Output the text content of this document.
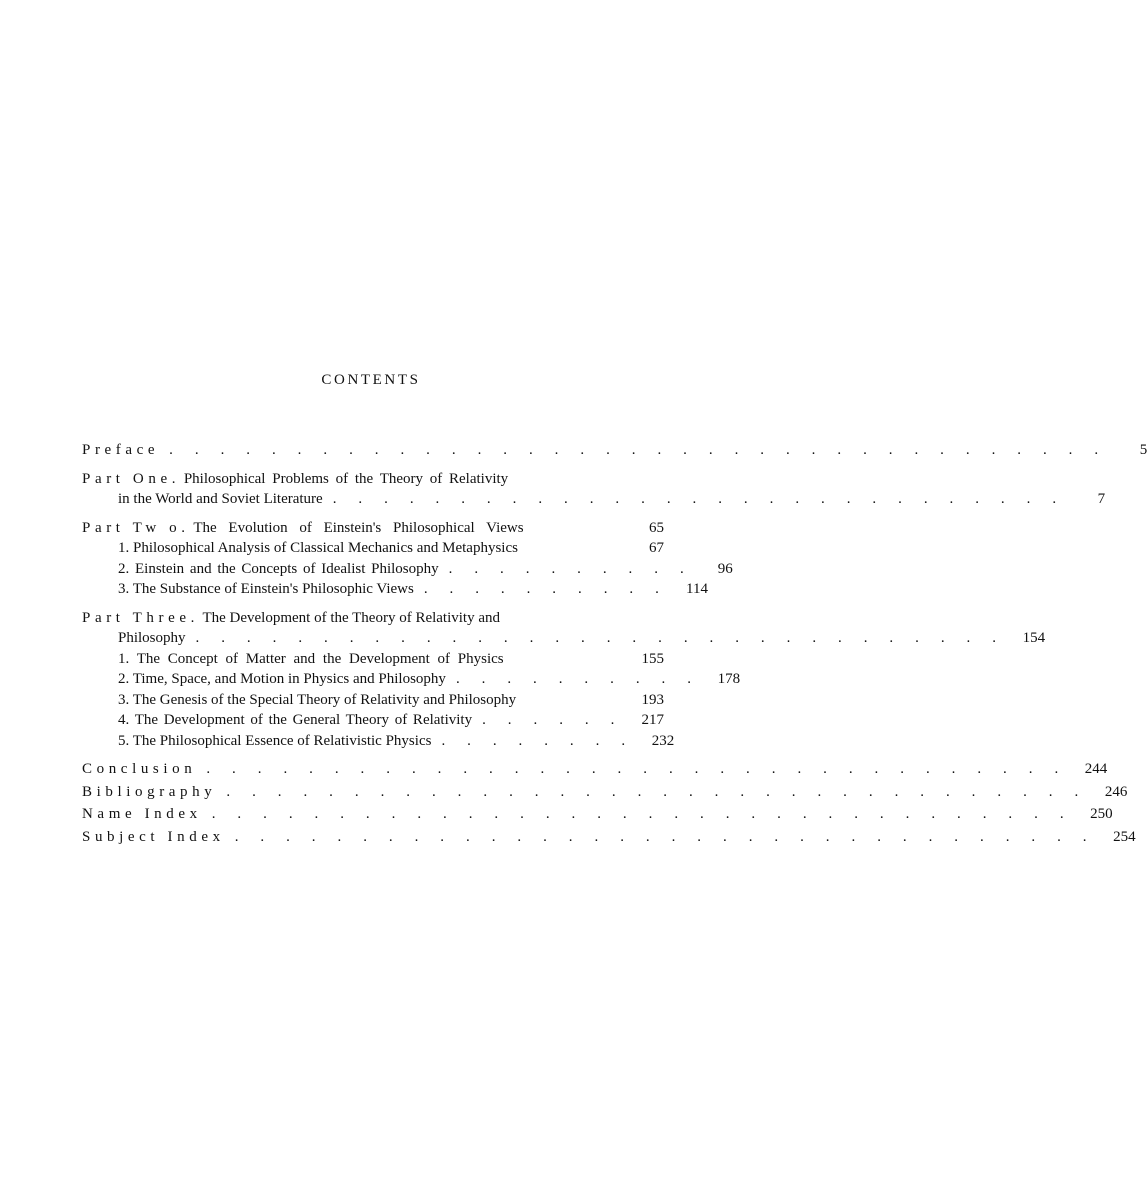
CONTENTS
Preface . . . . . . . . . . . . . . . . . . . . . . . . . . . . . . . . . . . . .	5
Part One. Philosophical Problems of the Theory of Relativity
in the World and Soviet Literature . . . . . . . . . . . . . . . . . . . . . . . . . . . . .	7
Part Tw o. The Evolution of Einstein's Philosophical Views	65
1. Philosophical Analysis of Classical Mechanics and Metaphysics	67
2. Einstein and the Concepts of Idealist Philosophy . . . . . . . . . .	96
3. The Substance of Einstein's Philosophic Views . . . . . . . . . .	114
Part Three. The Development of the Theory of Relativity and
Philosophy . . . . . . . . . . . . . . . . . . . . . . . . . . . . . . . .	154
1. The Concept of Matter and the Development of Physics	155
2. Time, Space, and Motion in Physics and Philosophy . . . . . . . . . .	178
3. The Genesis of the Special Theory of Relativity and Philosophy	193
4. The Development of the General Theory of Relativity . . . . . .	217
5. The Philosophical Essence of Relativistic Physics . . . . . . . .	232
Conclusion . . . . . . . . . . . . . . . . . . . . . . . . . . . . . . . . . .	244
Bibliography . . . . . . . . . . . . . . . . . . . . . . . . . . . . . . . . . .	246
Name Index . . . . . . . . . . . . . . . . . . . . . . . . . . . . . . . . . .	250
Subject Index . . . . . . . . . . . . . . . . . . . . . . . . . . . . . . . . . .	254
